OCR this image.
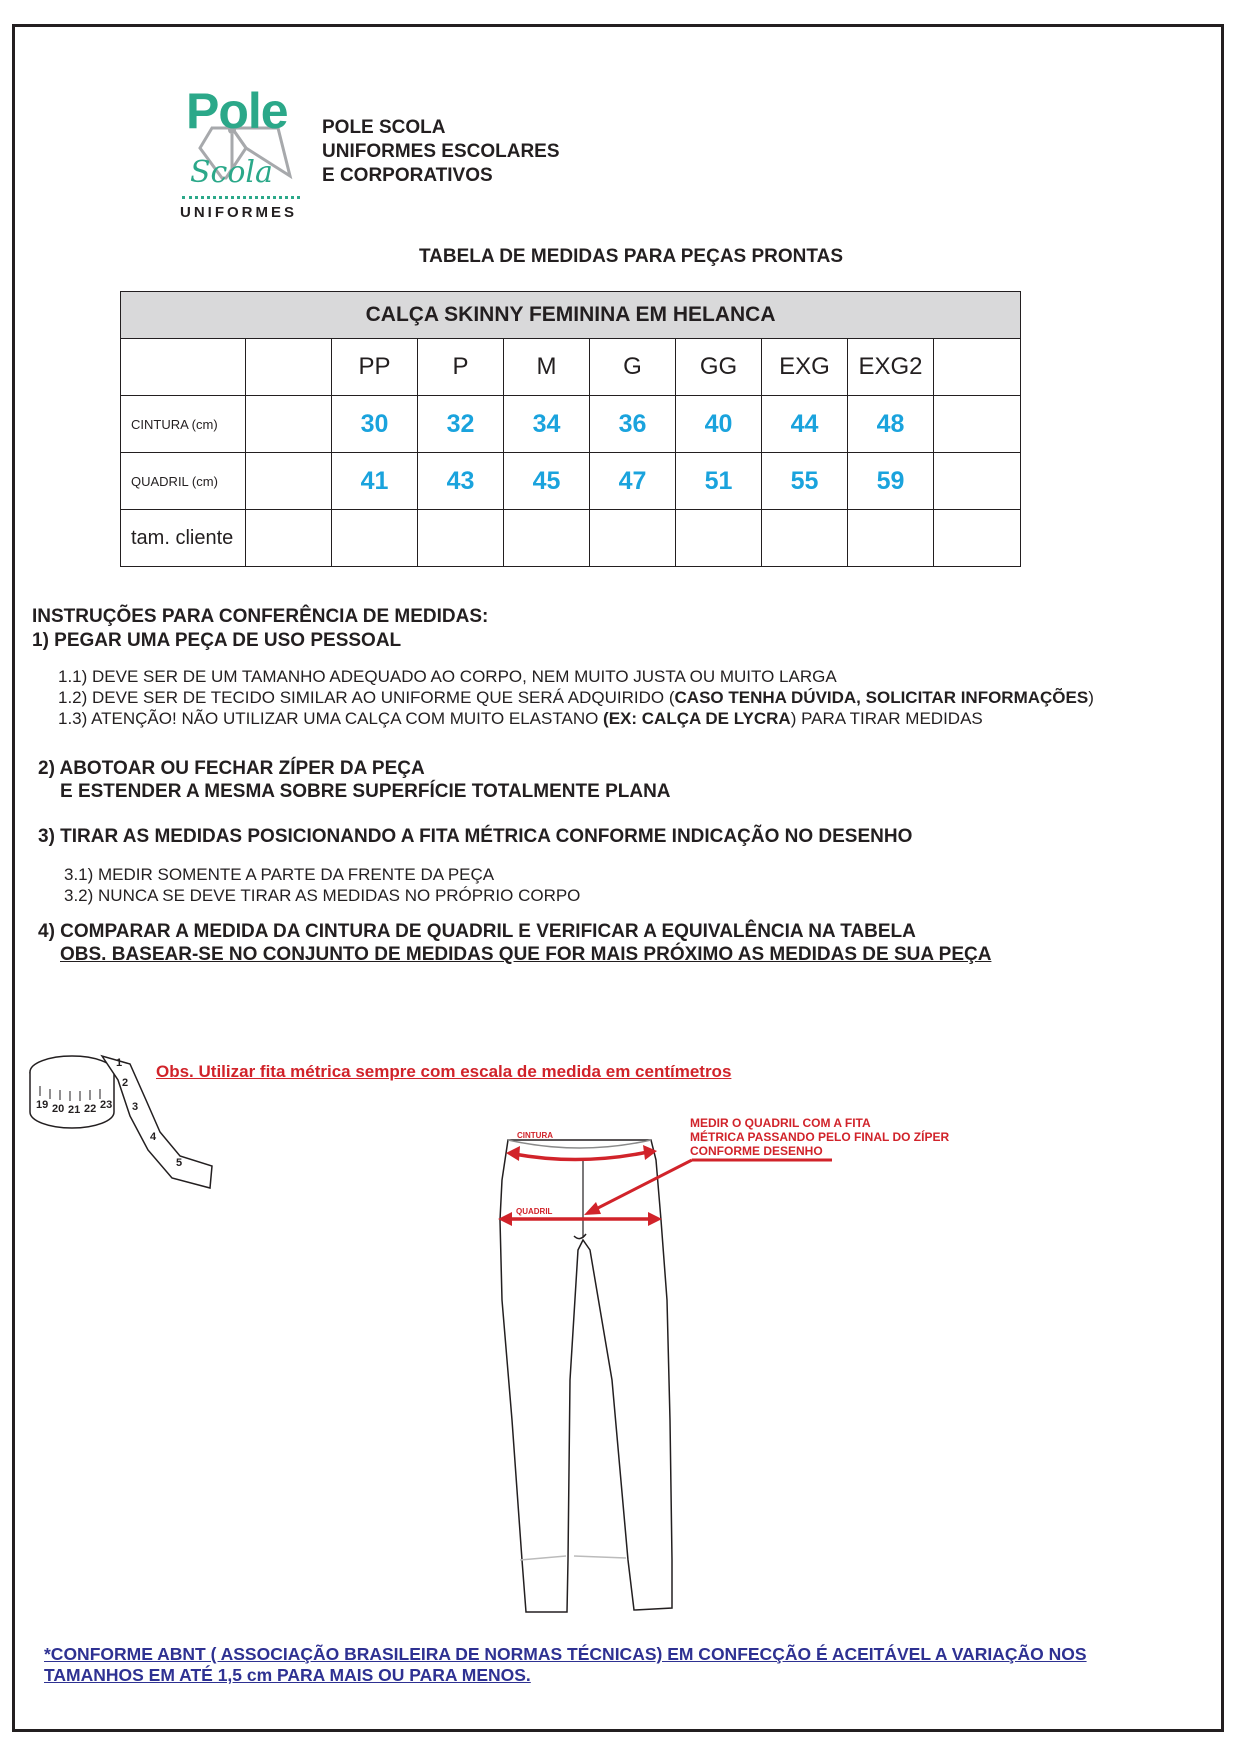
Pole
Scola
UNIFORMES
POLE SCOLA
UNIFORMES ESCOLARES
E CORPORATIVOS
TABELA DE MEDIDAS PARA PEÇAS PRONTAS
CALÇA SKINNY FEMININA EM HELANCA									
		PP	P	M	G	GG	EXG	EXG2	
CINTURA (cm)		30	32	34	36	40	44	48	
QUADRIL (cm)		41	43	45	47	51	55	59	
tam. cliente									
INSTRUÇÕES PARA CONFERÊNCIA DE MEDIDAS:
1) PEGAR UMA PEÇA DE USO PESSOAL
1.1) DEVE SER DE UM TAMANHO ADEQUADO AO CORPO, NEM MUITO JUSTA OU MUITO LARGA
1.2) DEVE SER DE TECIDO SIMILAR AO UNIFORME QUE SERÁ ADQUIRIDO (CASO TENHA DÚVIDA, SOLICITAR INFORMAÇÕES)
1.3) ATENÇÃO! NÃO UTILIZAR UMA CALÇA COM MUITO ELASTANO (EX: CALÇA DE LYCRA) PARA TIRAR MEDIDAS
2) ABOTOAR OU FECHAR ZÍPER DA PEÇA
E ESTENDER A MESMA SOBRE SUPERFÍCIE TOTALMENTE PLANA
3) TIRAR AS MEDIDAS POSICIONANDO A FITA MÉTRICA CONFORME INDICAÇÃO NO DESENHO
3.1) MEDIR SOMENTE A PARTE DA FRENTE DA PEÇA
3.2) NUNCA SE DEVE TIRAR AS MEDIDAS NO PRÓPRIO CORPO
4) COMPARAR A MEDIDA DA CINTURA DE QUADRIL E VERIFICAR A EQUIVALÊNCIA NA TABELA
OBS. BASEAR-SE NO CONJUNTO DE MEDIDAS QUE FOR MAIS PRÓXIMO AS MEDIDAS DE SUA PEÇA
Obs. Utilizar fita métrica sempre com escala de medida em centímetros
19 20 21 22 23
1
2
3
4
5
CINTURA
QUADRIL
MEDIR O QUADRIL COM A FITA
MÉTRICA PASSANDO PELO FINAL DO ZÍPER
CONFORME DESENHO
*CONFORME ABNT ( ASSOCIAÇÃO BRASILEIRA DE NORMAS TÉCNICAS) EM CONFECÇÃO É ACEITÁVEL A VARIAÇÃO NOS
TAMANHOS EM ATÉ 1,5 cm PARA MAIS OU PARA MENOS.
